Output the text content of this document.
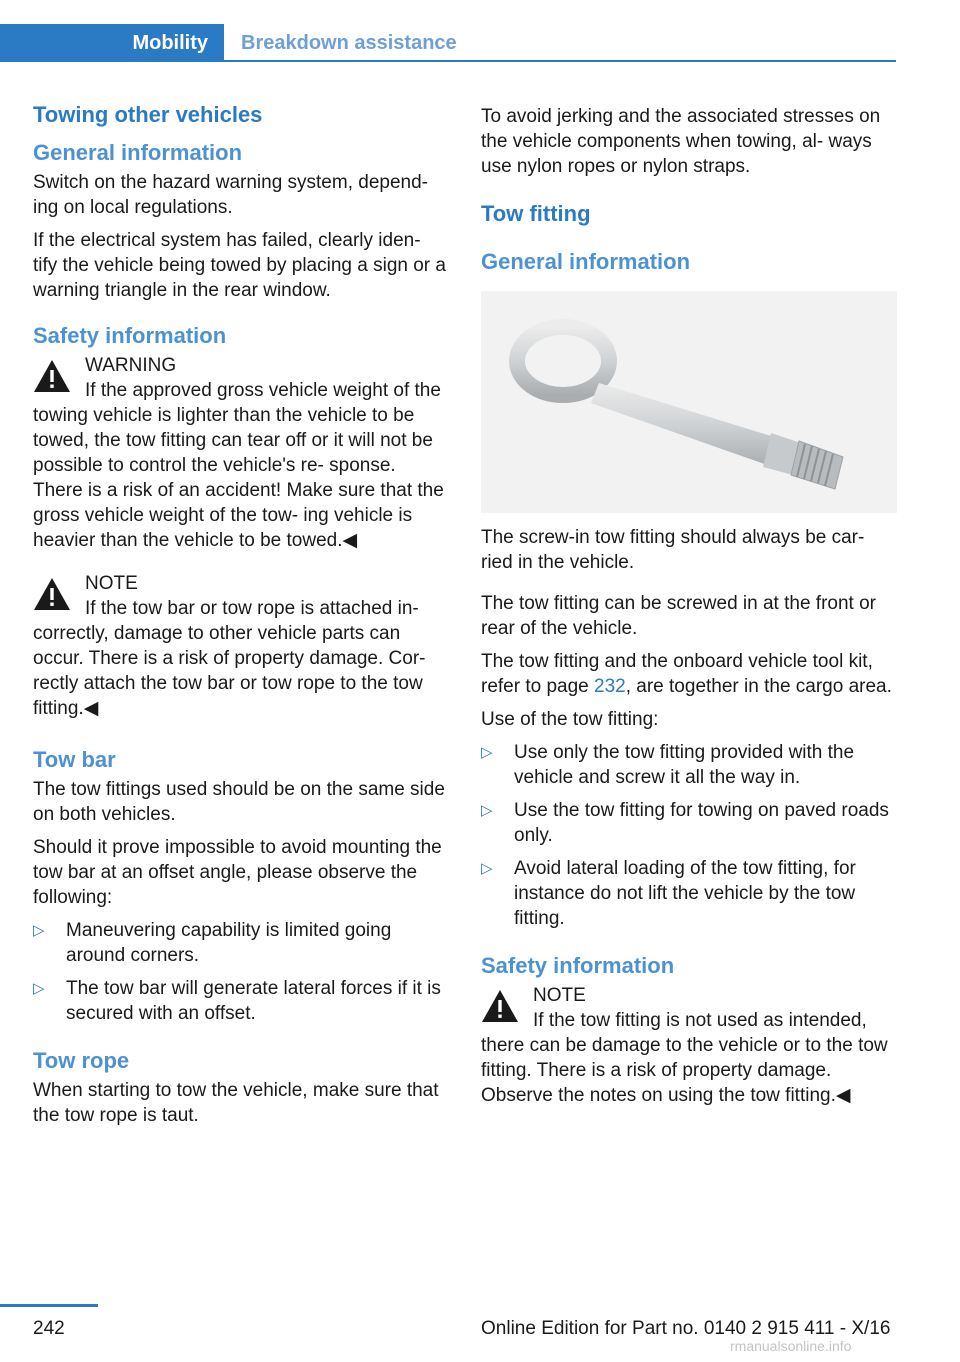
Mobility	Breakdown assistance
Towing other vehicles
General information
Switch on the hazard warning system, depend‐ ing on local regulations.
If the electrical system has failed, clearly iden‐ tify the vehicle being towed by placing a sign or a warning triangle in the rear window.
Safety information
WARNING
If the approved gross vehicle weight of the towing vehicle is lighter than the vehicle to be towed, the tow fitting can tear off or it will not be possible to control the vehicle's re‐ sponse. There is a risk of an accident! Make sure that the gross vehicle weight of the tow‐ ing vehicle is heavier than the vehicle to be towed.◀
NOTE
If the tow bar or tow rope is attached in‐ correctly, damage to other vehicle parts can occur. There is a risk of property damage. Cor‐ rectly attach the tow bar or tow rope to the tow fitting.◀
Tow bar
The tow fittings used should be on the same side on both vehicles.
Should it prove impossible to avoid mounting the tow bar at an offset angle, please observe the following:
▷ Maneuvering capability is limited going around corners.
▷ The tow bar will generate lateral forces if it is secured with an offset.
Tow rope
When starting to tow the vehicle, make sure that the tow rope is taut.
To avoid jerking and the associated stresses on the vehicle components when towing, al‐ ways use nylon ropes or nylon straps.
Tow fitting
General information
The screw-in tow fitting should always be car‐ ried in the vehicle.
The tow fitting can be screwed in at the front or rear of the vehicle.
The tow fitting and the onboard vehicle tool kit, refer to page 232, are together in the cargo area.
Use of the tow fitting:
▷ Use only the tow fitting provided with the vehicle and screw it all the way in.
▷ Use the tow fitting for towing on paved roads only.
▷ Avoid lateral loading of the tow fitting, for instance do not lift the vehicle by the tow fitting.
Safety information
NOTE
If the tow fitting is not used as intended, there can be damage to the vehicle or to the tow fitting. There is a risk of property damage. Observe the notes on using the tow fitting.◀
242	Online Edition for Part no. 0140 2 915 411 - X/16
rmanualsonline.info
